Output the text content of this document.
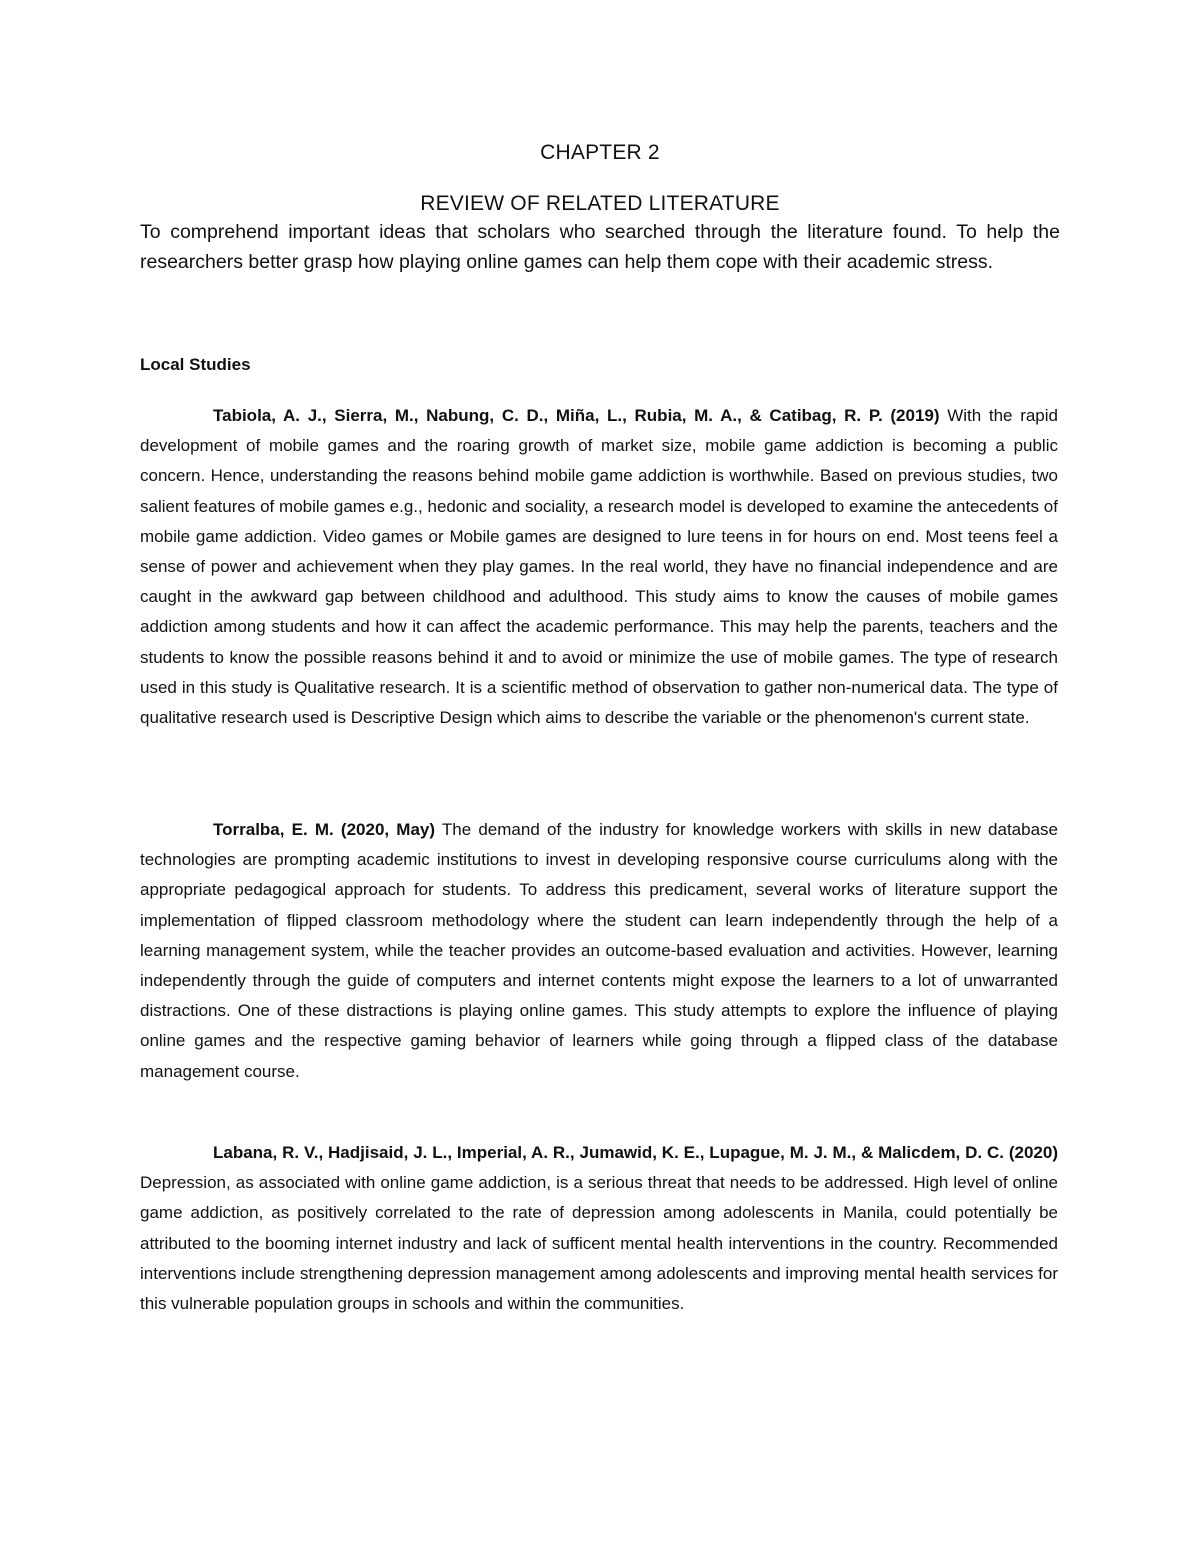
CHAPTER 2
REVIEW OF RELATED LITERATURE
To comprehend important ideas that scholars who searched through the literature found. To help the researchers better grasp how playing online games can help them cope with their academic stress.
Local Studies

Tabiola, A. J., Sierra, M., Nabung, C. D., Miña, L., Rubia, M. A., & Catibag, R. P. (2019) With the rapid development of mobile games and the roaring growth of market size, mobile game addiction is becoming a public concern. Hence, understanding the reasons behind mobile game addiction is worthwhile. Based on previous studies, two salient features of mobile games e.g., hedonic and sociality, a research model is developed to examine the antecedents of mobile game addiction. Video games or Mobile games are designed to lure teens in for hours on end. Most teens feel a sense of power and achievement when they play games. In the real world, they have no financial independence and are caught in the awkward gap between childhood and adulthood. This study aims to know the causes of mobile games addiction among students and how it can affect the academic performance. This may help the parents, teachers and the students to know the possible reasons behind it and to avoid or minimize the use of mobile games. The type of research used in this study is Qualitative research. It is a scientific method of observation to gather non-numerical data. The type of qualitative research used is Descriptive Design which aims to describe the variable or the phenomenon's current state.

Torralba, E. M. (2020, May) The demand of the industry for knowledge workers with skills in new database technologies are prompting academic institutions to invest in developing responsive course curriculums along with the appropriate pedagogical approach for students. To address this predicament, several works of literature support the implementation of flipped classroom methodology where the student can learn independently through the help of a learning management system, while the teacher provides an outcome-based evaluation and activities. However, learning independently through the guide of computers and internet contents might expose the learners to a lot of unwarranted distractions. One of these distractions is playing online games. This study attempts to explore the influence of playing online games and the respective gaming behavior of learners while going through a flipped class of the database management course.

Labana, R. V., Hadjisaid, J. L., Imperial, A. R., Jumawid, K. E., Lupague, M. J. M., & Malicdem, D. C. (2020) Depression, as associated with online game addiction, is a serious threat that needs to be addressed. High level of online game addiction, as positively correlated to the rate of depression among adolescents in Manila, could potentially be attributed to the booming internet industry and lack of sufficent mental health interventions in the country. Recommended interventions include strengthening depression management among adolescents and improving mental health services for this vulnerable population groups in schools and within the communities.
